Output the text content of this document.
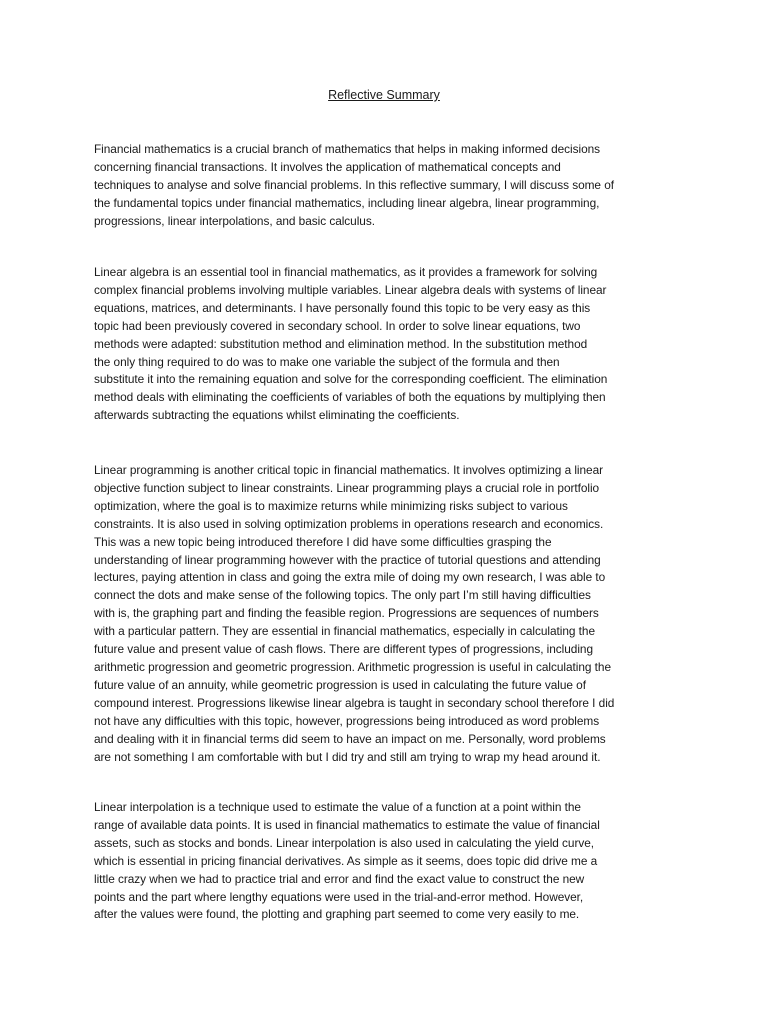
Reflective Summary
Financial mathematics is a crucial branch of mathematics that helps in making informed decisions
concerning financial transactions. It involves the application of mathematical concepts and
techniques to analyse and solve financial problems. In this reflective summary, I will discuss some of
the fundamental topics under financial mathematics, including linear algebra, linear programming,
progressions, linear interpolations, and basic calculus.
Linear algebra is an essential tool in financial mathematics, as it provides a framework for solving
complex financial problems involving multiple variables. Linear algebra deals with systems of linear
equations, matrices, and determinants. I have personally found this topic to be very easy as this
topic had been previously covered in secondary school. In order to solve linear equations, two
methods were adapted: substitution method and elimination method. In the substitution method
the only thing required to do was to make one variable the subject of the formula and then
substitute it into the remaining equation and solve for the corresponding coefficient. The elimination
method deals with eliminating the coefficients of variables of both the equations by multiplying then
afterwards subtracting the equations whilst eliminating the coefficients.
Linear programming is another critical topic in financial mathematics. It involves optimizing a linear
objective function subject to linear constraints. Linear programming plays a crucial role in portfolio
optimization, where the goal is to maximize returns while minimizing risks subject to various
constraints. It is also used in solving optimization problems in operations research and economics.
This was a new topic being introduced therefore I did have some difficulties grasping the
understanding of linear programming however with the practice of tutorial questions and attending
lectures, paying attention in class and going the extra mile of doing my own research, I was able to
connect the dots and make sense of the following topics. The only part I’m still having difficulties
with is, the graphing part and finding the feasible region. Progressions are sequences of numbers
with a particular pattern. They are essential in financial mathematics, especially in calculating the
future value and present value of cash flows. There are different types of progressions, including
arithmetic progression and geometric progression. Arithmetic progression is useful in calculating the
future value of an annuity, while geometric progression is used in calculating the future value of
compound interest. Progressions likewise linear algebra is taught in secondary school therefore I did
not have any difficulties with this topic, however, progressions being introduced as word problems
and dealing with it in financial terms did seem to have an impact on me. Personally, word problems
are not something I am comfortable with but I did try and still am trying to wrap my head around it.
Linear interpolation is a technique used to estimate the value of a function at a point within the
range of available data points. It is used in financial mathematics to estimate the value of financial
assets, such as stocks and bonds. Linear interpolation is also used in calculating the yield curve,
which is essential in pricing financial derivatives. As simple as it seems, does topic did drive me a
little crazy when we had to practice trial and error and find the exact value to construct the new
points and the part where lengthy equations were used in the trial-and-error method. However,
after the values were found, the plotting and graphing part seemed to come very easily to me.
